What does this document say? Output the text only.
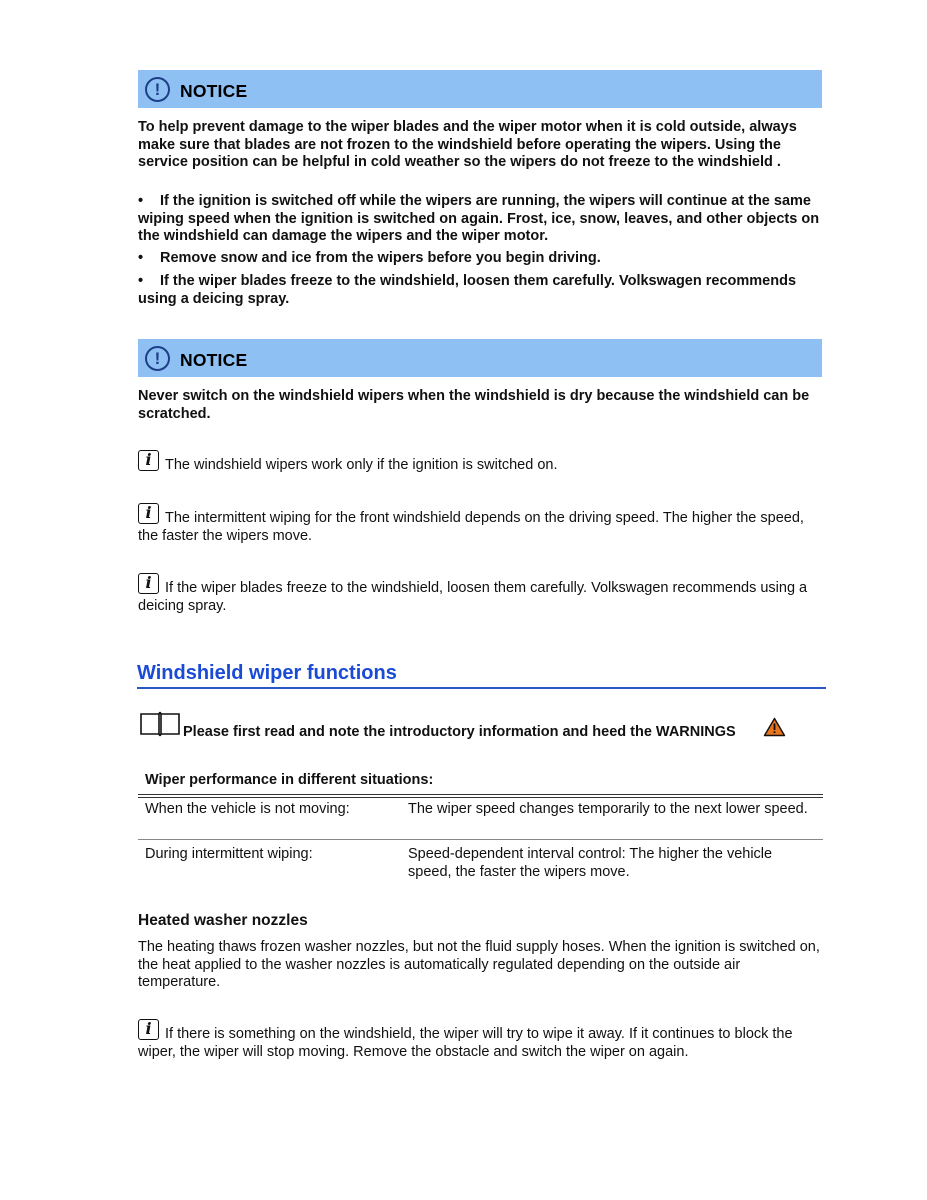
!	NOTICE

To help prevent damage to the wiper blades and the wiper motor when it is cold outside, always make sure that blades are not frozen to the windshield before operating the wipers. Using the service position can be helpful in cold weather so the wipers do not freeze to the windshield .

• If the ignition is switched off while the wipers are running, the wipers will continue at the same wiping speed when the ignition is switched on again. Frost, ice, snow, leaves, and other objects on the windshield can damage the wipers and the wiper motor.
• Remove snow and ice from the wipers before you begin driving.
• If the wiper blades freeze to the windshield, loosen them carefully. Volkswagen recommends using a deicing spray.
!	NOTICE

Never switch on the windshield wipers when the windshield is dry because the windshield can be scratched.

iThe windshield wipers work only if the ignition is switched on.
iThe intermittent wiping for the front windshield depends on the driving speed. The higher the speed, the faster the wipers move.
iIf the wiper blades freeze to the windshield, loosen them carefully. Volkswagen recommends using a deicing spray.
Windshield wiper functions
Please first read and note the introductory information and heed the WARNINGS
Wiper performance in different situations:
When the vehicle is not moving:	The wiper speed changes temporarily to the next lower speed.
During intermittent wiping:	Speed-dependent interval control: The higher the vehicle speed, the faster the wipers move.
Heated washer nozzles

The heating thaws frozen washer nozzles, but not the fluid supply hoses. When the ignition is switched on, the heat applied to the washer nozzles is automatically regulated depending on the outside air temperature.

iIf there is something on the windshield, the wiper will try to wipe it away. If it continues to block the wiper, the wiper will stop moving. Remove the obstacle and switch the wiper on again.
